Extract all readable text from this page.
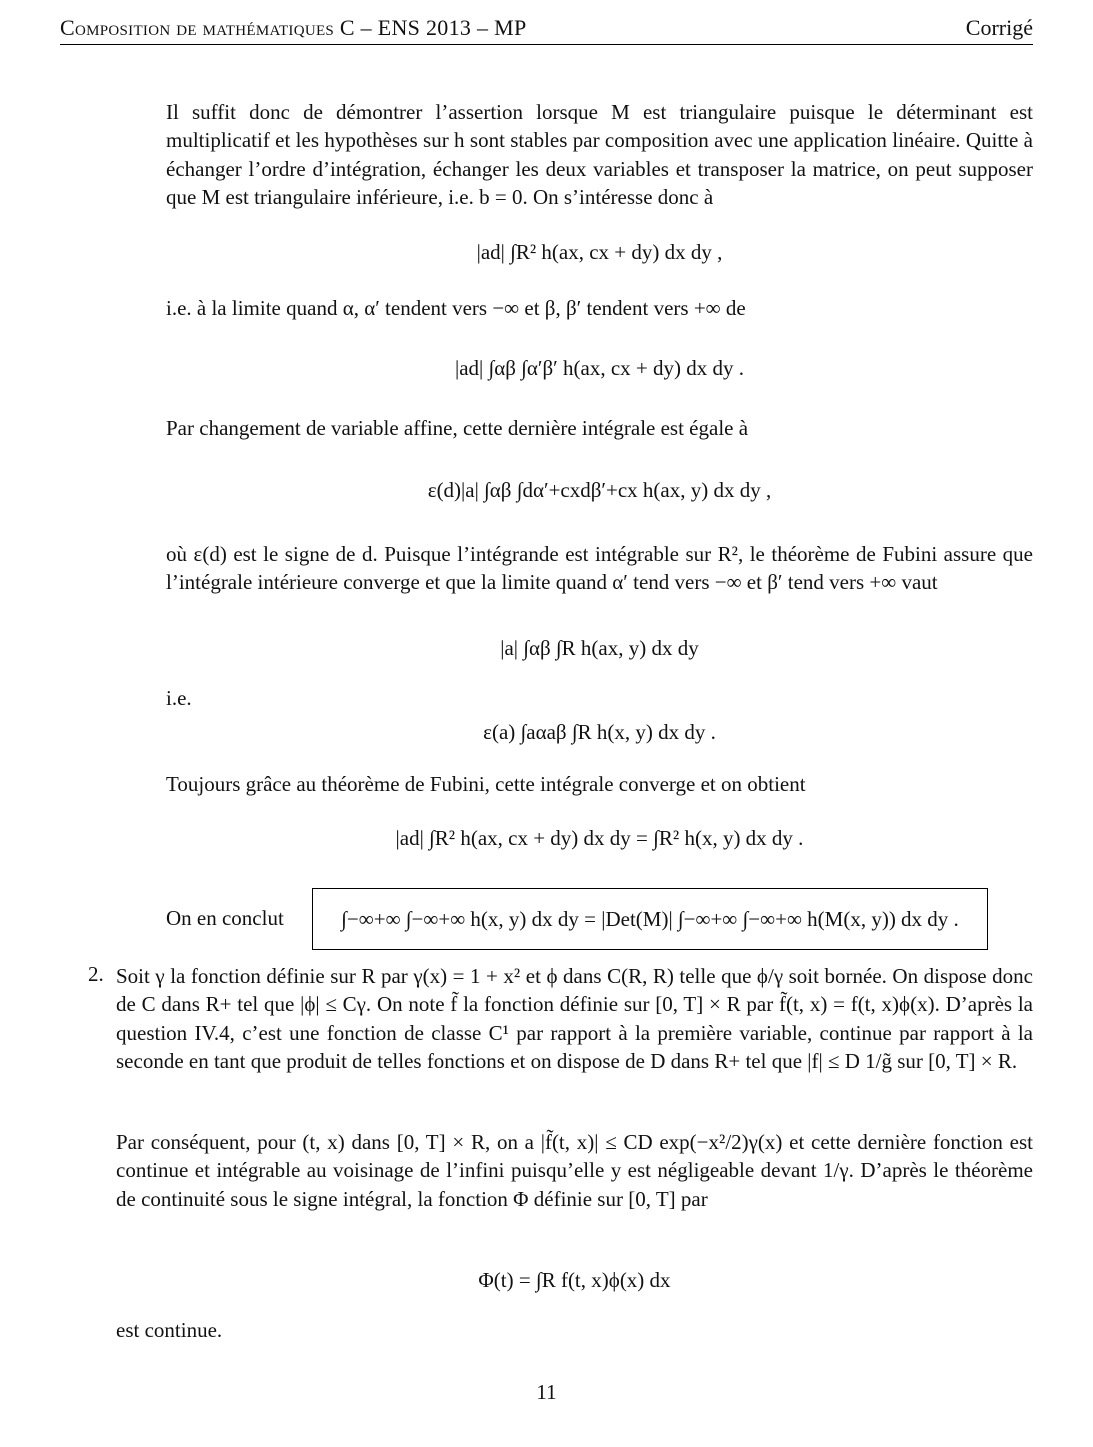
Composition de mathématiques C – ENS 2013 – MP	Corrigé
Il suffit donc de démontrer l’assertion lorsque M est triangulaire puisque le déterminant est multiplicatif et les hypothèses sur h sont stables par composition avec une application linéaire. Quitte à échanger l’ordre d’intégration, échanger les deux variables et transposer la matrice, on peut supposer que M est triangulaire inférieure, i.e. b = 0. On s’intéresse donc à
|ad| ∫R² h(ax, cx + dy) dx dy ,
i.e. à la limite quand α, α′ tendent vers −∞ et β, β′ tendent vers +∞ de
|ad| ∫αβ ∫α′β′ h(ax, cx + dy) dx dy .
Par changement de variable affine, cette dernière intégrale est égale à
ε(d)|a| ∫αβ ∫dα′+cxdβ′+cx h(ax, y) dx dy ,
où ε(d) est le signe de d. Puisque l’intégrande est intégrable sur R², le théorème de Fubini assure que l’intégrale intérieure converge et que la limite quand α′ tend vers −∞ et β′ tend vers +∞ vaut
|a| ∫αβ ∫R h(ax, y) dx dy
i.e.
ε(a) ∫aαaβ ∫R h(x, y) dx dy .
Toujours grâce au théorème de Fubini, cette intégrale converge et on obtient
|ad| ∫R² h(ax, cx + dy) dx dy = ∫R² h(x, y) dx dy .
On en conclut	∫−∞+∞ ∫−∞+∞ h(x, y) dx dy = |Det(M)| ∫−∞+∞ ∫−∞+∞ h(M(x, y)) dx dy .
2. Soit γ la fonction définie sur R par γ(x) = 1 + x² et ϕ dans C(R, R) telle que ϕ/γ soit bornée. On dispose donc de C dans R+ tel que |ϕ| ≤ Cγ. On note f̃ la fonction définie sur [0, T] × R par f̃(t, x) = f(t, x)ϕ(x). D’après la question IV.4, c’est une fonction de classe C¹ par rapport à la première variable, continue par rapport à la seconde en tant que produit de telles fonctions et on dispose de D dans R+ tel que |f| ≤ D 1/g̃ sur [0, T] × R.
Par conséquent, pour (t, x) dans [0, T] × R, on a |f̃(t, x)| ≤ CD exp(−x²/2)γ(x) et cette dernière fonction est continue et intégrable au voisinage de l’infini puisqu’elle y est négligeable devant 1/γ. D’après le théorème de continuité sous le signe intégral, la fonction Φ définie sur [0, T] par
Φ(t) = ∫R f(t, x)ϕ(x) dx
est continue.
11
